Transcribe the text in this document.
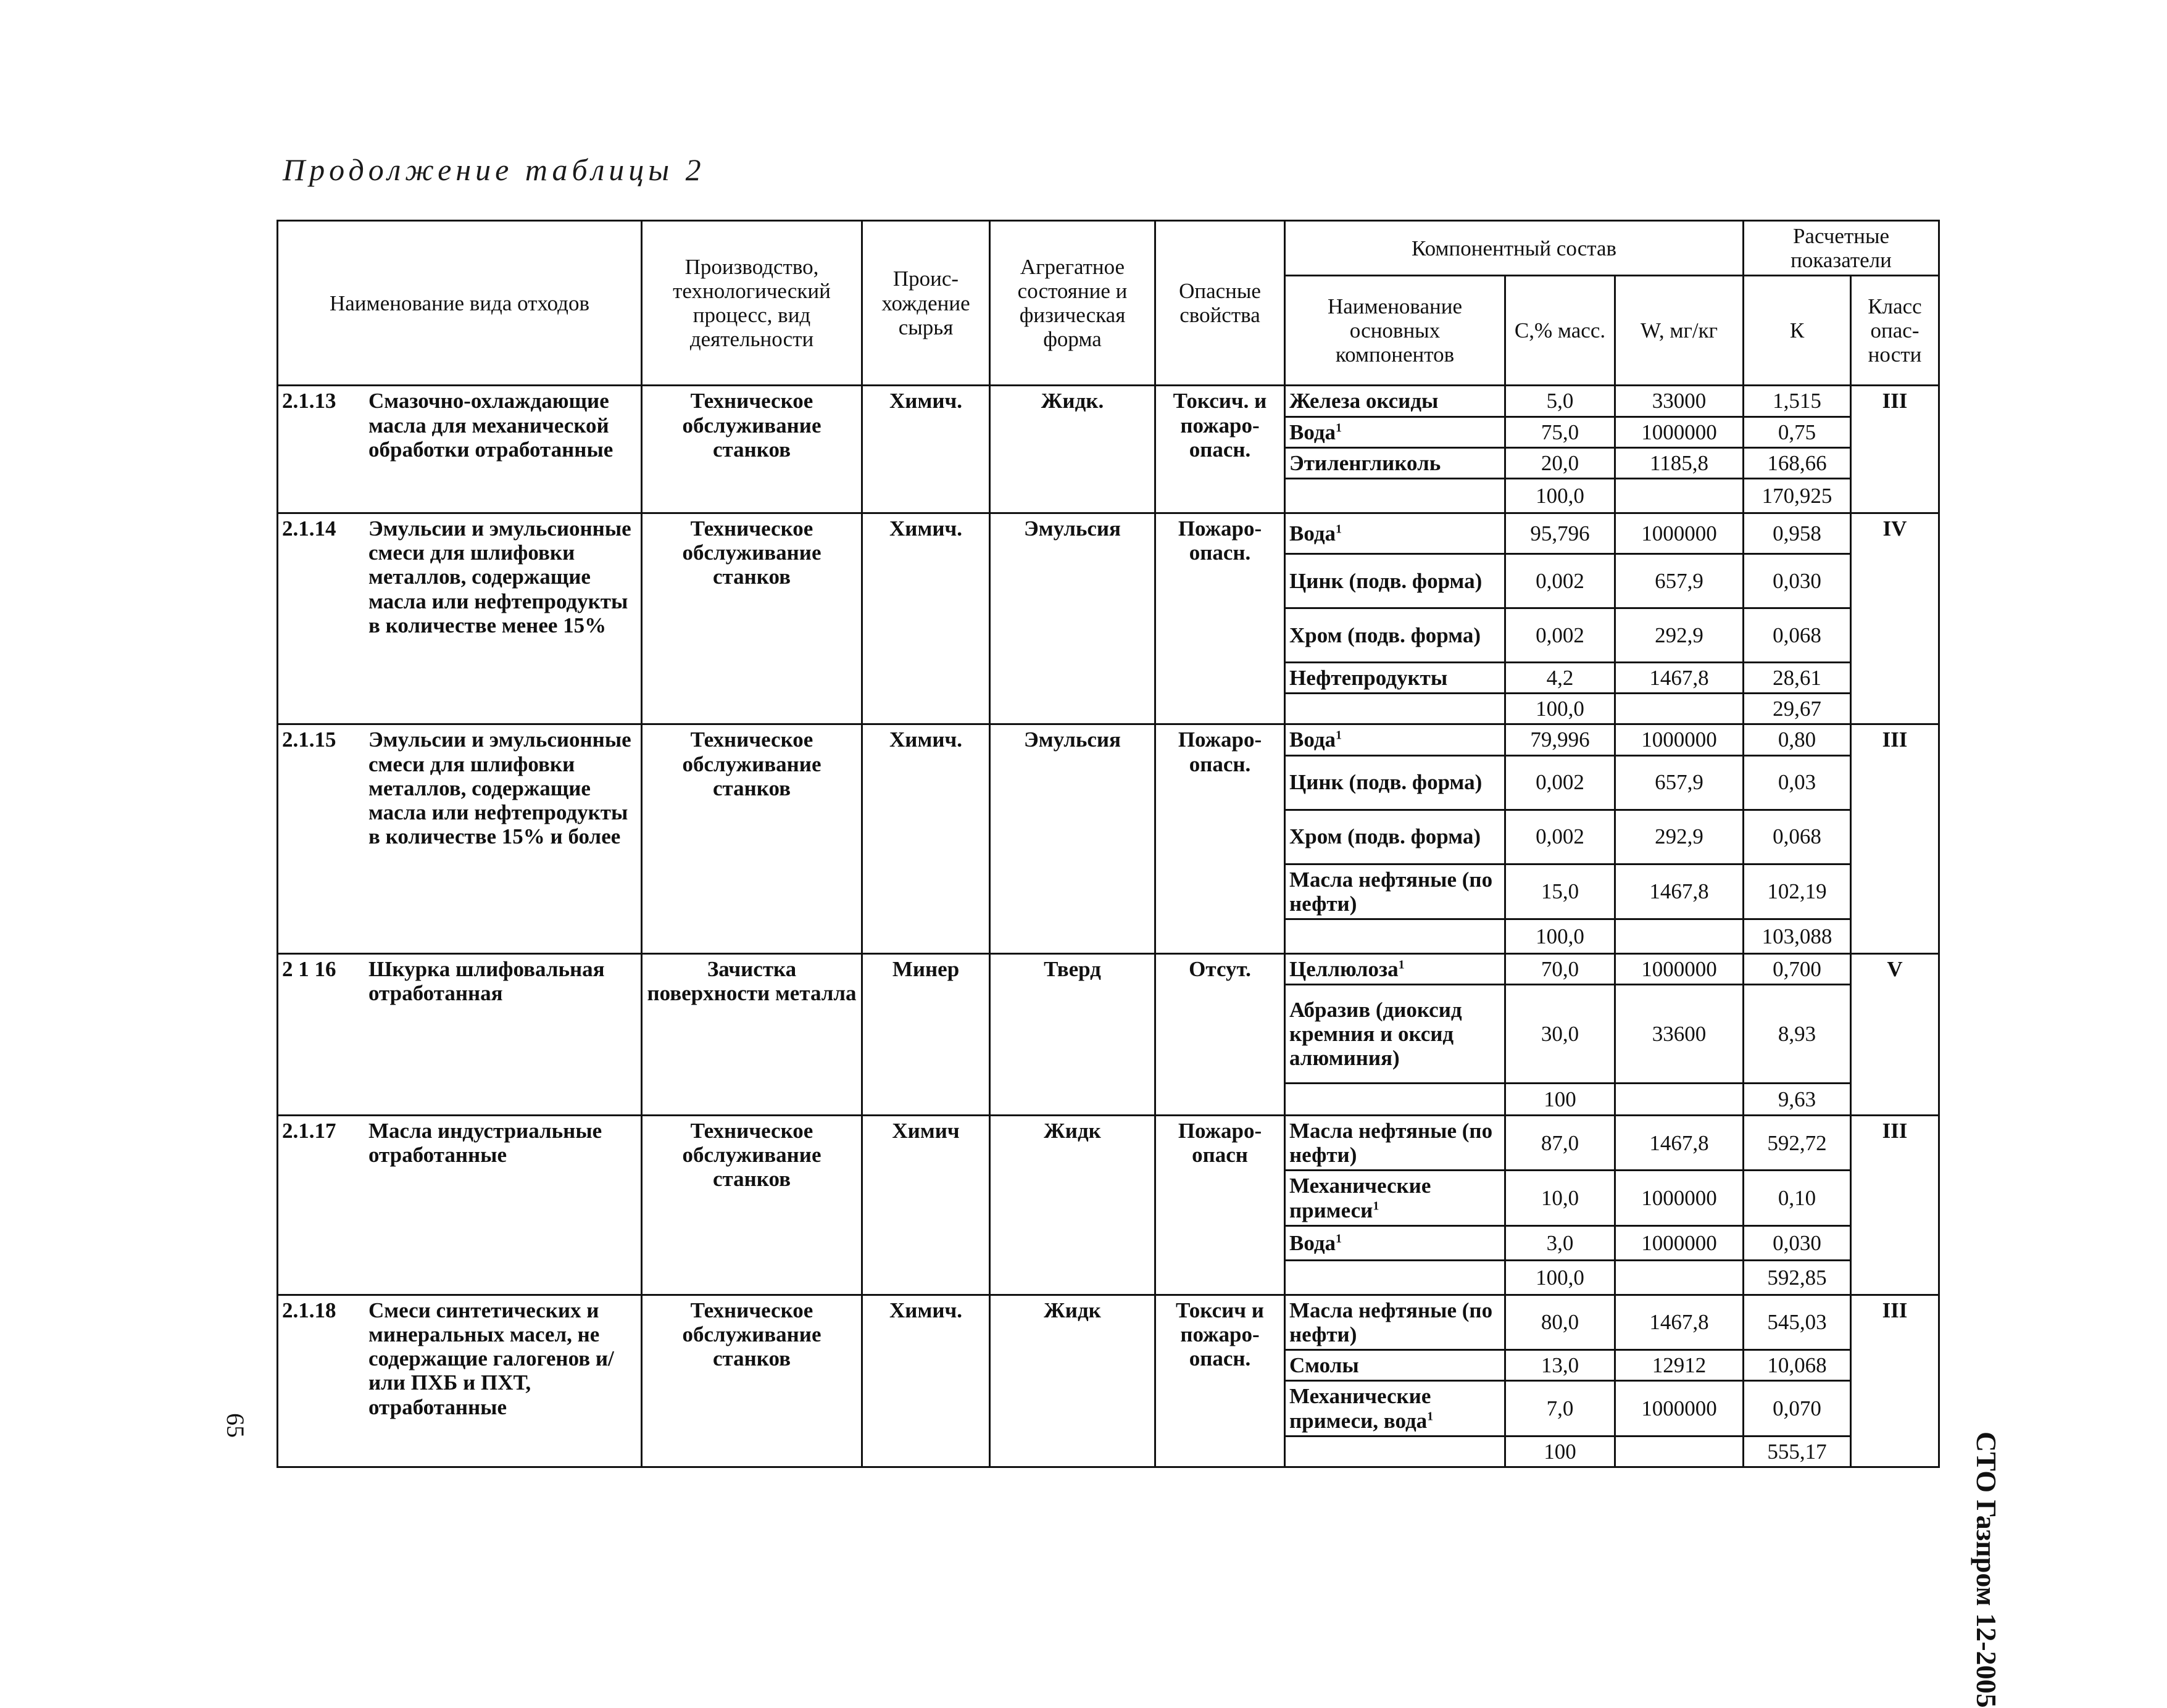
Продолжение таблицы 2
Наименование вида отходов	Производство, технологический процесс, вид деятельности	Проис-хождение сырья	Агрегатное состояние и физическая форма	Опасные свойства	Компонентный состав			Расчетные показатели	
					Наименование основных компонентов	С,% масс.	W, мг/кг	К	Класс опас-ности

2.1.13 Смазочно-охлаждающие масла для механической обработки отработанные	Техническое обслуживание станков	Химич.	Жидк.	Токсич. и пожаро-опасн.	Железа оксиды	5,0	33000	1,515	III
					Вода$^1$	75,0	1000000	0,75	
					Этиленгликоль	20,0	1185,8	168,66	
						100,0		170,925	

2.1.14 Эмульсии и эмульсионные смеси для шлифовки металлов, содержащие масла или нефтепродукты в количестве менее 15%	Техническое обслуживание станков	Химич.	Эмульсия	Пожаро-опасн.	Вода$^1$	95,796	1000000	0,958	IV
					Цинк (подв. форма)	0,002	657,9	0,030	
					Хром (подв. форма)	0,002	292,9	0,068	
					Нефтепродукты	4,2	1467,8	28,61	
						100,0		29,67	

2.1.15 Эмульсии и эмульсионные смеси для шлифовки металлов, содержащие масла или нефтепродукты в количестве 15% и более	Техническое обслуживание станков	Химич.	Эмульсия	Пожаро-опасн.	Вода$^1$	79,996	1000000	0,80	III
					Цинк (подв. форма)	0,002	657,9	0,03	
					Хром (подв. форма)	0,002	292,9	0,068	
					Масла нефтяные (по нефти)	15,0	1467,8	102,19	
						100,0		103,088	

2 1 16 Шкурка шлифовальная отработанная	Зачистка поверхности металла	Минер	Тверд	Отсут.	Целлюлоза$^1$	70,0	1000000	0,700	V
					Абразив (диоксид кремния и оксид алюминия)	30,0	33600	8,93	
						100		9,63	

2.1.17 Масла индустриальные отработанные	Техническое обслуживание станков	Химич	Жидк	Пожаро-опасн	Масла нефтяные (по нефти)	87,0	1467,8	592,72	III
					Механические примеси$^1$	10,0	1000000	0,10	
					Вода$^1$	3,0	1000000	0,030	
						100,0		592,85	

2.1.18 Смеси синтетических и минеральных масел, не содержащие галогенов и/или ПХБ и ПХТ, отработанные	Техническое обслуживание станков	Химич.	Жидк	Токсич и пожаро-опасн.	Масла нефтяные (по нефти)	80,0	1467,8	545,03	III
					Смолы	13,0	12912	10,068	
					Механические примеси, вода$^1$	7,0	1000000	0,070	
						100		555,17		СТО Газпром 12-2005
65
